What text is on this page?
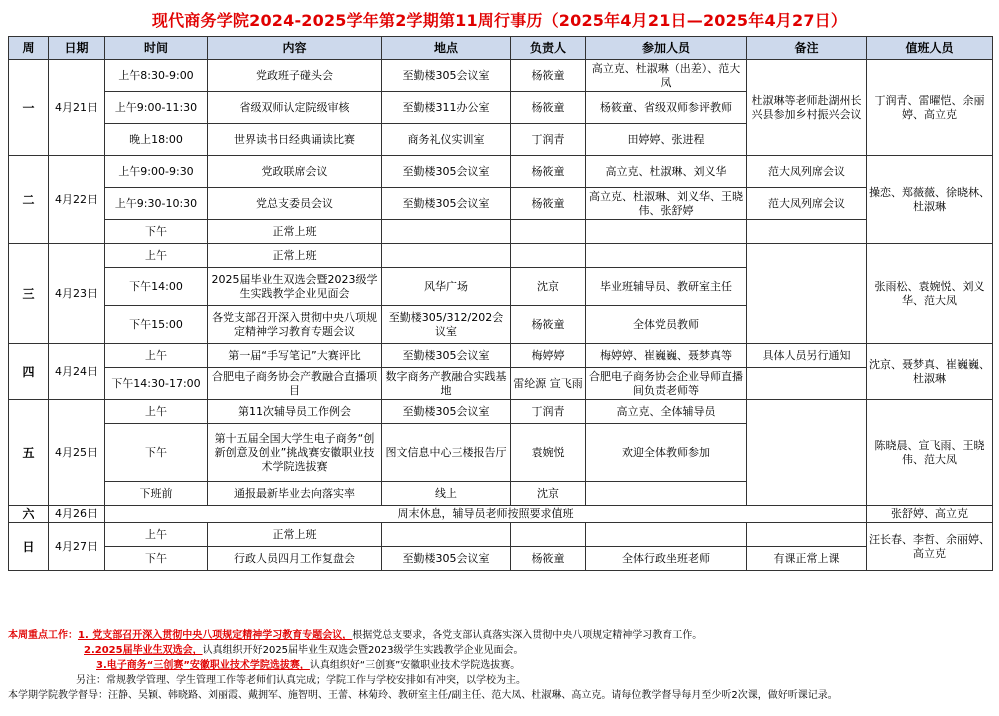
现代商务学院2024-2025学年第2学期第11周行事历（2025年4月21日—2025年4月27日）
周	日期	时间	内容	地点	负责人	参加人员	备注	值班人员
一	4月21日	上午8:30-9:00	党政班子碰头会	至勤楼305会议室	杨筱童	高立克、杜淑琳（出差）、范大凤	杜淑琳等老师赴湖州长兴县参加乡村振兴会议	丁润青、雷曜恺、余丽婷、高立克
		上午9:00-11:30	省级双师认定院级审核	至勤楼311办公室	杨筱童	杨筱童、省级双师参评教师		
		晚上18:00	世界读书日经典诵读比赛	商务礼仪实训室	丁润青	田婷婷、张进程		
二	4月22日	上午9:00-9:30	党政联席会议	至勤楼305会议室	杨筱童	高立克、杜淑琳、刘义华	范大凤列席会议	操恋、郑薇薇、徐晓林、杜淑琳
		上午9:30-10:30	党总支委员会议	至勤楼305会议室	杨筱童	高立克、杜淑琳、刘义华、王晓伟、张舒婷	范大凤列席会议	
		下午	正常上班					
三	4月23日	上午	正常上班					张雨松、袁婉悦、刘义华、范大凤
		下午14:00	2025届毕业生双选会暨2023级学生实践教学企业见面会	风华广场	沈京	毕业班辅导员、教研室主任		
		下午15:00	各党支部召开深入贯彻中央八项规定精神学习教育专题会议	至勤楼305/312/202会议室	杨筱童	全体党员教师		
四	4月24日	上午	第一届“手写笔记”大赛评比	至勤楼305会议室	梅婷婷	梅婷婷、崔巍巍、聂梦真等	具体人员另行通知	沈京、聂梦真、崔巍巍、杜淑琳
		下午14:30-17:00	合肥电子商务协会产教融合直播项目	数字商务产教融合实践基地	雷纶源 宣飞雨	合肥电子商务协会企业导师直播间负责老师等		
五	4月25日	上午	第11次辅导员工作例会	至勤楼305会议室	丁润青	高立克、全体辅导员		陈晓晨、宣飞雨、王晓伟、范大凤
		下午	第十五届全国大学生电子商务“创新创意及创业”挑战赛安徽职业技术学院选拔赛	图文信息中心三楼报告厅	袁婉悦	欢迎全体教师参加		
		下班前	通报最新毕业去向落实率	线上	沈京			
六	4月26日	周末休息，辅导员老师按照要求值班						张舒婷、高立克
日	4月27日	上午	正常上班					汪长春、李哲、余丽婷、高立克
		下午	行政人员四月工作复盘会	至勤楼305会议室	杨筱童	全体行政坐班老师	有课正常上课	
本周重点工作：1. 党支部召开深入贯彻中央八项规定精神学习教育专题会议，根据党总支要求，各党支部认真落实深入贯彻中央八项规定精神学习教育工作。
2.2025届毕业生双选会，认真组织开好2025届毕业生双选会暨2023级学生实践教学企业见面会。
3.电子商务“三创赛”安徽职业技术学院选拔赛，认真组织好“三创赛”安徽职业技术学院选拔赛。
另注：常规教学管理、学生管理工作等老师们认真完成；学院工作与学校安排如有冲突，以学校为主。
本学期学院教学督导：汪静、吴颖、韩晓路、刘丽霞、戴拥军、施智明、王蕾、林菊玲、教研室主任/副主任、范大凤、杜淑琳、高立克。请每位教学督导每月至少听2次课，做好听课记录。
